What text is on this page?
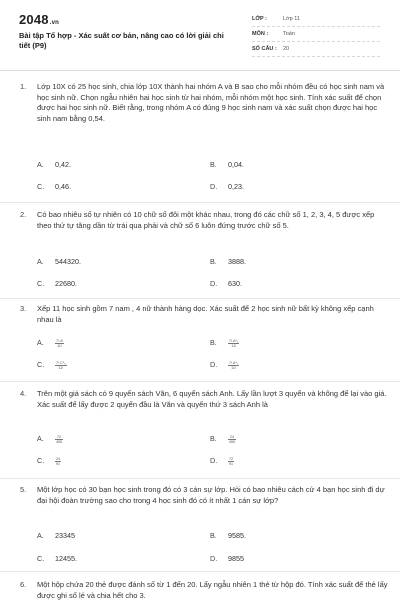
2048.vn
Bài tập Tổ hợp - Xác suất cơ bản, nâng cao có lời giải chi tiết (P9)
LỚP :	Lớp 11
MÔN :	Toán
SỐ CÂU :	20
1. Lớp 10X có 25 học sinh, chia lớp 10X thành hai nhóm A và B sao cho mỗi nhóm đều có học sinh nam và học sinh nữ. Chọn ngẫu nhiên hai học sinh từ hai nhóm, mỗi nhóm một học sinh. Tính xác suất để chọn được hai học sinh nữ. Biết rằng, trong nhóm A có đúng 9 học sinh nam và xác suất chọn được hai học sinh nam bằng 0,54.
A. 0,42.	B. 0,04.
C. 0,46.	D. 0,23.
2. Có bao nhiêu số tự nhiên có 10 chữ số đôi một khác nhau, trong đó các chữ số 1, 2, 3, 4, 5 được xếp theo thứ tự tăng dần từ trái qua phải và chữ số 6 luôn đứng trước chữ số 5.
A. 544320.	B. 3888.
C. 22680.	D. 630.
3. Xếp 11 học sinh gồm 7 nam , 4 nữ thành hàng dọc. Xác suất để 2 học sinh nữ bất kỳ không xếp cạnh nhau là
A.	$\frac{7!.4!}{11!}$	B.	$\frac{\text{7!.A⁴₈}}{11!}$
C.	$\frac{\text{7!.C⁴₈}}{11!}$	D.	$\frac{\text{7!.A⁴₇}}{11!}$
4. Trên một giá sách có 9 quyển sách Văn, 6 quyển sách Anh. Lấy lần lượt 3 quyển và không để lại vào giá. Xác suất để lấy được 2 quyển đầu là Văn và quyển thứ 3 sách Anh là
A.	$\frac{72}{455}$	B.	$\frac{24}{455}$
C.	$\frac{24}{91}$	D.	$\frac{72}{91}$
5. Một lớp học có 30 bạn học sinh trong đó có 3 cán sự lớp. Hỏi có bao nhiêu cách cử 4 bạn học sinh đi dự đại hội đoàn trường sao cho trong 4 học sinh đó có ít nhất 1 cán sự lớp?
A. 23345	B. 9585.
C. 12455.	D. 9855
6. Một hộp chứa 20 thẻ được đánh số từ 1 đến 20. Lấy ngẫu nhiên 1 thẻ từ hộp đó. Tính xác suất để thẻ lấy được ghi số lẻ và chia hết cho 3.
